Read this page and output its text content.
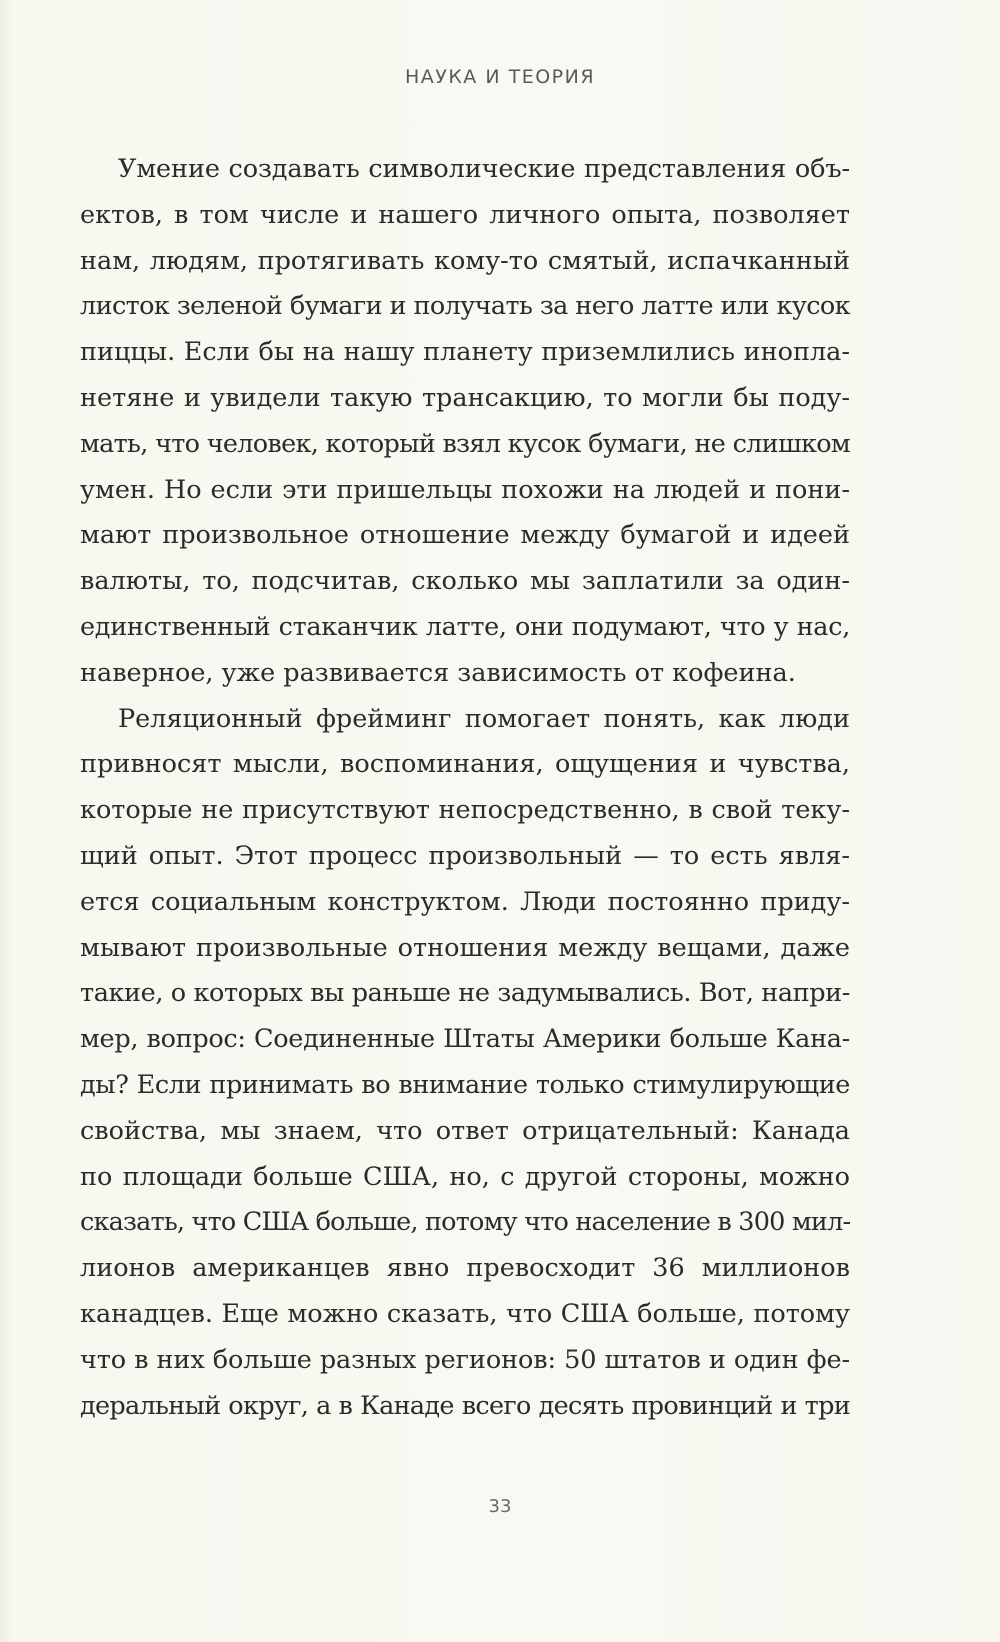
НАУКА И ТЕОРИЯ

Умение создавать символические представления объ-
ектов, в том числе и нашего личного опыта, позволяет
нам, людям, протягивать кому-то смятый, испачканный
листок зеленой бумаги и получать за него латте или кусок
пиццы. Если бы на нашу планету приземлились инопла-
нетяне и увидели такую трансакцию, то могли бы поду-
мать, что человек, который взял кусок бумаги, не слишком
умен. Но если эти пришельцы похожи на людей и пони-
мают произвольное отношение между бумагой и идеей
валюты, то, подсчитав, сколько мы заплатили за один-
единственный стаканчик латте, они подумают, что у нас,
наверное, уже развивается зависимость от кофеина.

Реляционный фрейминг помогает понять, как люди
привносят мысли, воспоминания, ощущения и чувства,
которые не присутствуют непосредственно, в свой теку-
щий опыт. Этот процесс произвольный — то есть явля-
ется социальным конструктом. Люди постоянно приду-
мывают произвольные отношения между вещами, даже
такие, о которых вы раньше не задумывались. Вот, напри-
мер, вопрос: Соединенные Штаты Америки больше Кана-
ды? Если принимать во внимание только стимулирующие
свойства, мы знаем, что ответ отрицательный: Канада
по площади больше США, но, с другой стороны, можно
сказать, что США больше, потому что население в 300 мил-
лионов американцев явно превосходит 36 миллионов
канадцев. Еще можно сказать, что США больше, потому
что в них больше разных регионов: 50 штатов и один фе-
деральный округ, а в Канаде всего десять провинций и три

33
